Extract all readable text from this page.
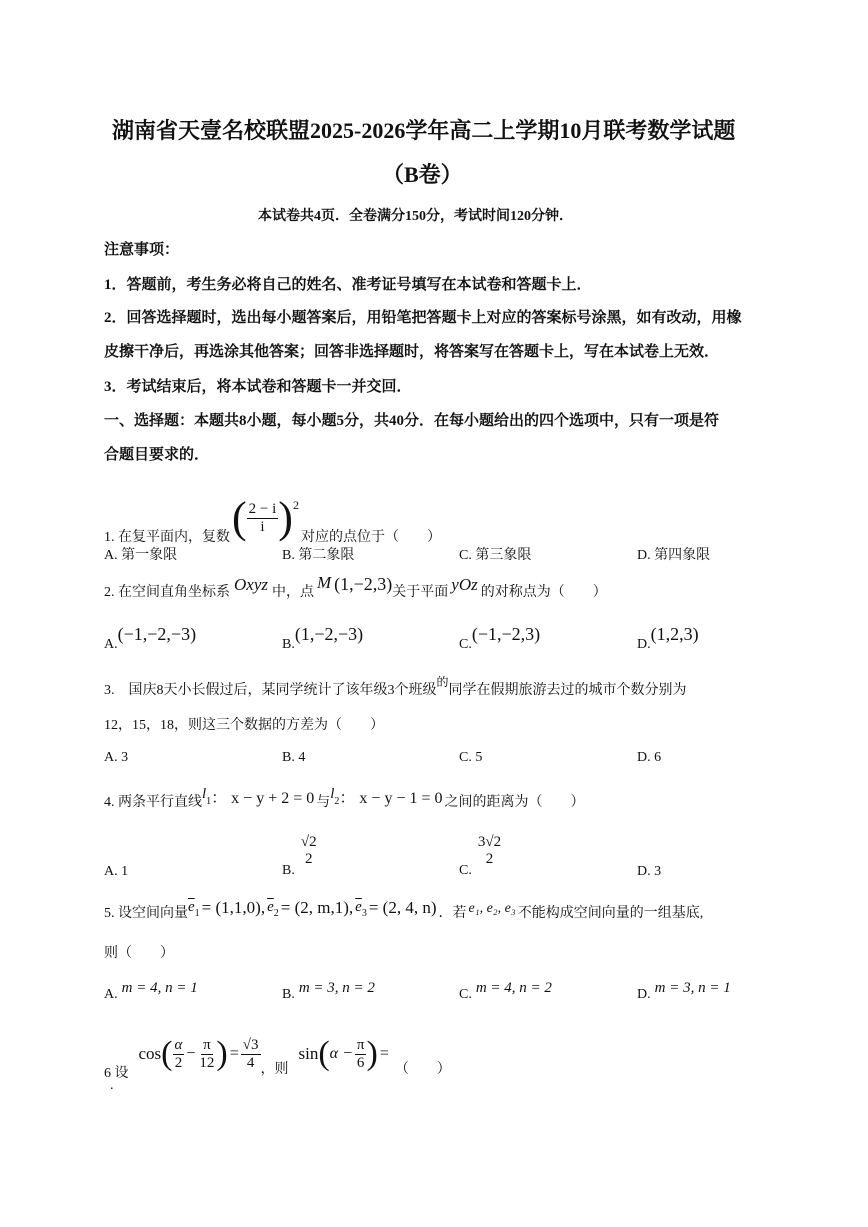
湖南省天壹名校联盟2025-2026学年高二上学期10月联考数学试题
（B卷）
本试卷共4页．全卷满分150分，考试时间120分钟．
注意事项：
1．答题前，考生务必将自己的姓名、准考证号填写在本试卷和答题卡上．
2．回答选择题时，选出每小题答案后，用铅笔把答题卡上对应的答案标号涂黑，如有改动，用橡
皮擦干净后，再选涂其他答案；回答非选择题时，将答案写在答题卡上，写在本试卷上无效．
3．考试结束后，将本试卷和答题卡一并交回．
一、选择题：本题共8小题，每小题5分，共40分．在每小题给出的四个选项中，只有一项是符
合题目要求的．
1. 在复平面内，复数 ( $\frac{2 - i}{i}$ ) 2
对应的点位于（　　）
A. 第一象限	B. 第二象限	C. 第三象限	D. 第四象限
2. 在空间直角坐标系 Oxyz 中，点
M (1,−2,3) 关于平面 yOz 的对称点为（　　）
A.
(−1,−2,−3)
B.
(1,−2,−3)
C.
(−1,−2,3)
D.
(1,2,3)
3.　国庆8天小长假过后，某同学统计了该年级3个班级的同学在假期旅游去过的城市个数分别为
12，15，18，则这三个数据的方差为（　　）
A. 3	B. 4	C. 5	D. 6
4. 两条平行直线
l 1 ： x − y + 2 = 0 与
l 2 ： x − y − 1 = 0 之间的距离为（　　）
A. 1	B.
√2
2
C.
3√2
2
D. 3
5. 设空间向量 $\overline{e}$ 1 = (1,1,0), $\overline{e}$ 2 = (2, m,1), $\overline{e}$ 3 = (2, 4, n) ．若 e₁, e₂, e₃ 不能构成空间向量的一组基底,
则（　　）
A. m = 4, n = 1	B. m = 3, n = 2	C. m = 4, n = 2	D. m = 3, n = 1
6 设
cos ( $\frac{\alpha}{2} - \frac{\pi}{12}$ ) = $\frac{√3}{4}$ ，则
sin ( $\alpha - \frac{\pi}{6}$ ) =
（　　）
.
